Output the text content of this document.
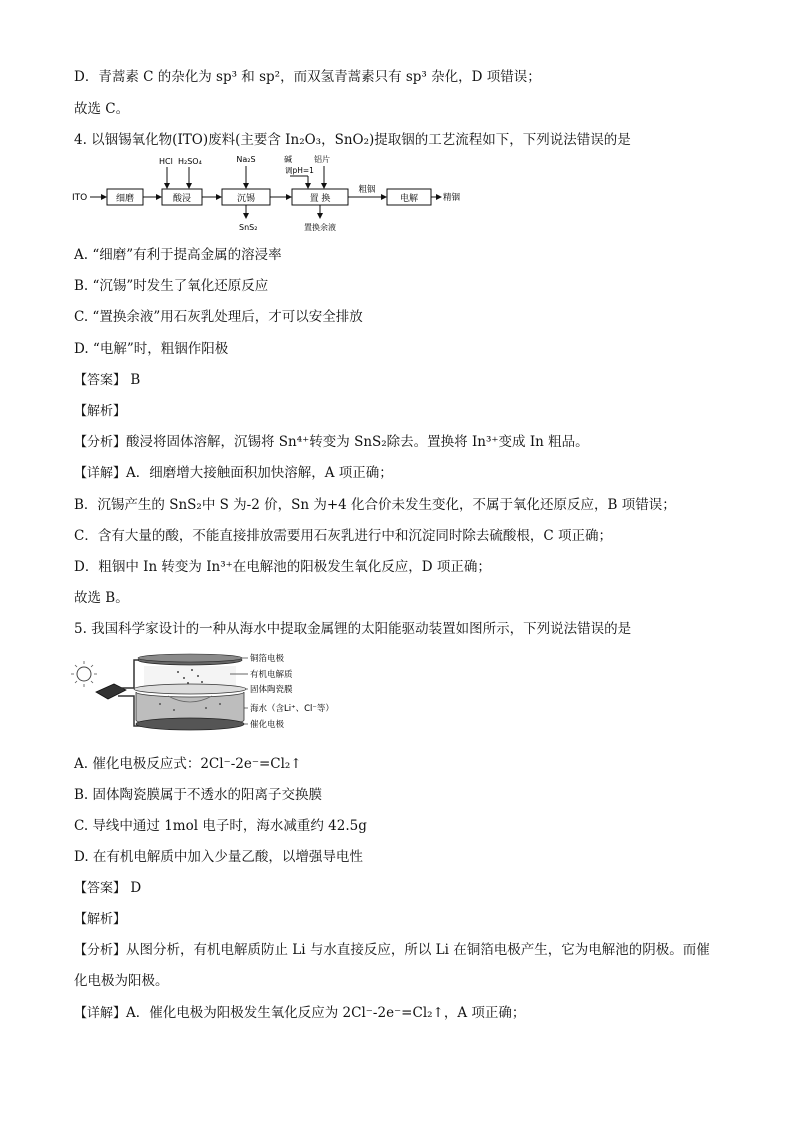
D．青蒿素 C 的杂化为 sp³ 和 sp²，而双氢青蒿素只有 sp³ 杂化，D 项错误；
故选 C。
4. 以铟锡氧化物(ITO)废料(主要含 In₂O₃，SnO₂)提取铟的工艺流程如下，下列说法错误的是
ITO	细磨	酸浸	沉锡	置 换
粗铟
电解	精铟
HCl H₂SO₄	Na₂S	碱
调pH=1
铝片
SnS₂	置换余液
A. “细磨”有利于提高金属的溶浸率
B. “沉锡”时发生了氧化还原反应
C. “置换余液”用石灰乳处理后，才可以安全排放
D. “电解”时，粗铟作阳极
【答案】 B
【解析】
【分析】酸浸将固体溶解，沉锡将 Sn⁴⁺转变为 SnS₂除去。置换将 In³⁺变成 In 粗品。
【详解】A．细磨增大接触面积加快溶解，A 项正确；
B．沉锡产生的 SnS₂中 S 为-2 价，Sn 为+4 化合价未发生变化，不属于氧化还原反应，B 项错误；
C．含有大量的酸，不能直接排放需要用石灰乳进行中和沉淀同时除去硫酸根，C 项正确；
D．粗铟中 In 转变为 In³⁺在电解池的阳极发生氧化反应，D 项正确；
故选 B。
5. 我国科学家设计的一种从海水中提取金属锂的太阳能驱动装置如图所示，下列说法错误的是
铜箔电极
有机电解质
固体陶瓷膜
海水（含Li⁺、Cl⁻等）
催化电极
A. 催化电极反应式：2Cl⁻-2e⁻=Cl₂↑
B. 固体陶瓷膜属于不透水的阳离子交换膜
C. 导线中通过 1mol 电子时，海水减重约 42.5g
D. 在有机电解质中加入少量乙酸，以增强导电性
【答案】 D
【解析】
【分析】从图分析，有机电解质防止 Li 与水直接反应，所以 Li 在铜箔电极产生，它为电解池的阴极。而催
化电极为阳极。
【详解】A．催化电极为阳极发生氧化反应为 2Cl⁻-2e⁻=Cl₂↑，A 项正确；
